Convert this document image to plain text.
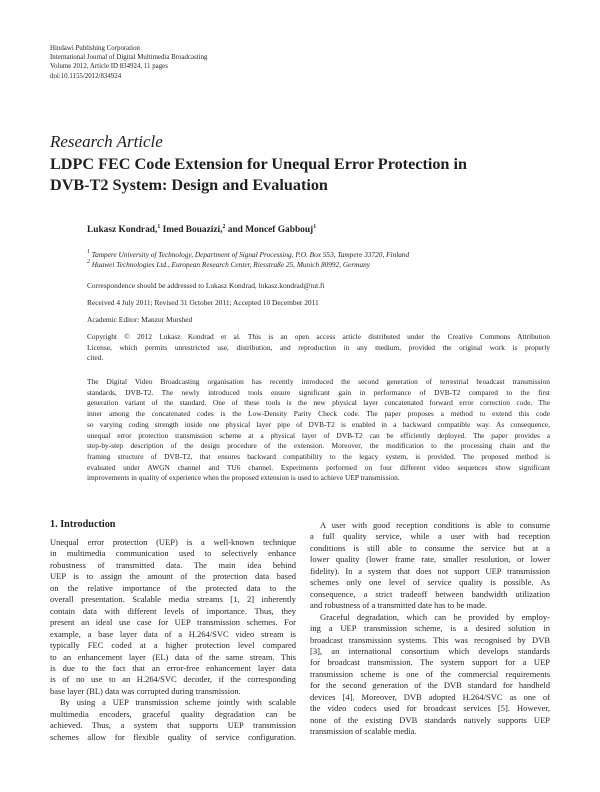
Hindawi Publishing Corporation
International Journal of Digital Multimedia Broadcasting
Volume 2012, Article ID 834924, 11 pages
doi:10.1155/2012/834924
Research Article
LDPC FEC Code Extension for Unequal Error Protection in
DVB-T2 System: Design and Evaluation
Lukasz Kondrad,$^1$ Imed Bouazizi,$^2$ and Moncef Gabbouj$^1$
$^1$ Tampere University of Technology, Department of Signal Processing, P.O. Box 553, Tampere 33720, Finland
$^2$ Huawei Technologies Ltd., European Research Center, Riesstraße 25, Munich 80992, Germany
Correspondence should be addressed to Lukasz Kondrad, lukasz.kondrad@tut.fi
Received 4 July 2011; Revised 31 October 2011; Accepted 10 December 2011
Academic Editor: Manzur Murshed
Copyright © 2012 Lukasz Kondrad et al. This is an open access article distributed under the Creative Commons Attribution
License, which permits unrestricted use, distribution, and reproduction in any medium, provided the original work is properly
cited.
The Digital Video Broadcasting organisation has recently introduced the second generation of terrestrial broadcast transmission
standards, DVB-T2. The newly introduced tools ensure significant gain in performance of DVB-T2 compared to the first
generation variant of the standard. One of these tools is the new physical layer concatenated forward error correction code. The
inner among the concatenated codes is the Low-Density Parity Check code. The paper proposes a method to extend this code
so varying coding strength inside one physical layer pipe of DVB-T2 is enabled in a backward compatible way. As consequence,
unequal error protection transmission scheme at a physical layer of DVB-T2 can be efficiently deployed. The paper provides a
step-by-step description of the design procedure of the extension. Moreover, the modification to the processing chain and the
framing structure of DVB-T2, that ensures backward compatibility to the legacy system, is provided. The proposed method is
evaluated under AWGN channel and TU6 channel. Experiments performed on four different video sequences show significant
improvements in quality of experience when the proposed extension is used to achieve UEP transmission.
1. Introduction
Unequal error protection (UEP) is a well-known technique
in multimedia communication used to selectively enhance
robustness of transmitted data. The main idea behind
UEP is to assign the amount of the protection data based
on the relative importance of the protected data to the
overall presentation. Scalable media streams [1, 2] inherently
contain data with different levels of importance. Thus, they
present an ideal use case for UEP transmission schemes. For
example, a base layer data of a H.264/SVC video stream is
typically FEC coded at a higher protection level compared
to an enhancement layer (EL) data of the same stream. This
is due to the fact that an error-free enhancement layer data
is of no use to an H.264/SVC decoder, if the corresponding
base layer (BL) data was corrupted during transmission.
By using a UEP transmission scheme jointly with scalable
multimedia encoders, graceful quality degradation can be
achieved. Thus, a system that supports UEP transmission
schemes allow for flexible quality of service configuration.
A user with good reception conditions is able to consume
a full quality service, while a user with bad reception
conditions is still able to consume the service but at a
lower quality (lower frame rate, smaller resolution, or lower
fidelity). In a system that does not support UEP transmission
schemes only one level of service quality is possible. As
consequence, a strict tradeoff between bandwidth utilization
and robustness of a transmitted date has to be made.
Graceful degradation, which can be provided by employ-
ing a UEP transmission scheme, is a desired solution in
broadcast transmission systems. This was recognised by DVB
[3], an international consortium which develops standards
for broadcast transmission. The system support for a UEP
transmission scheme is one of the commercial requirements
for the second generation of the DVB standard for handheld
devices [4]. Moreover, DVB adopted H.264/SVC as one of
the video codecs used for broadcast services [5]. However,
none of the existing DVB standards natively supports UEP
transmission of scalable media.
